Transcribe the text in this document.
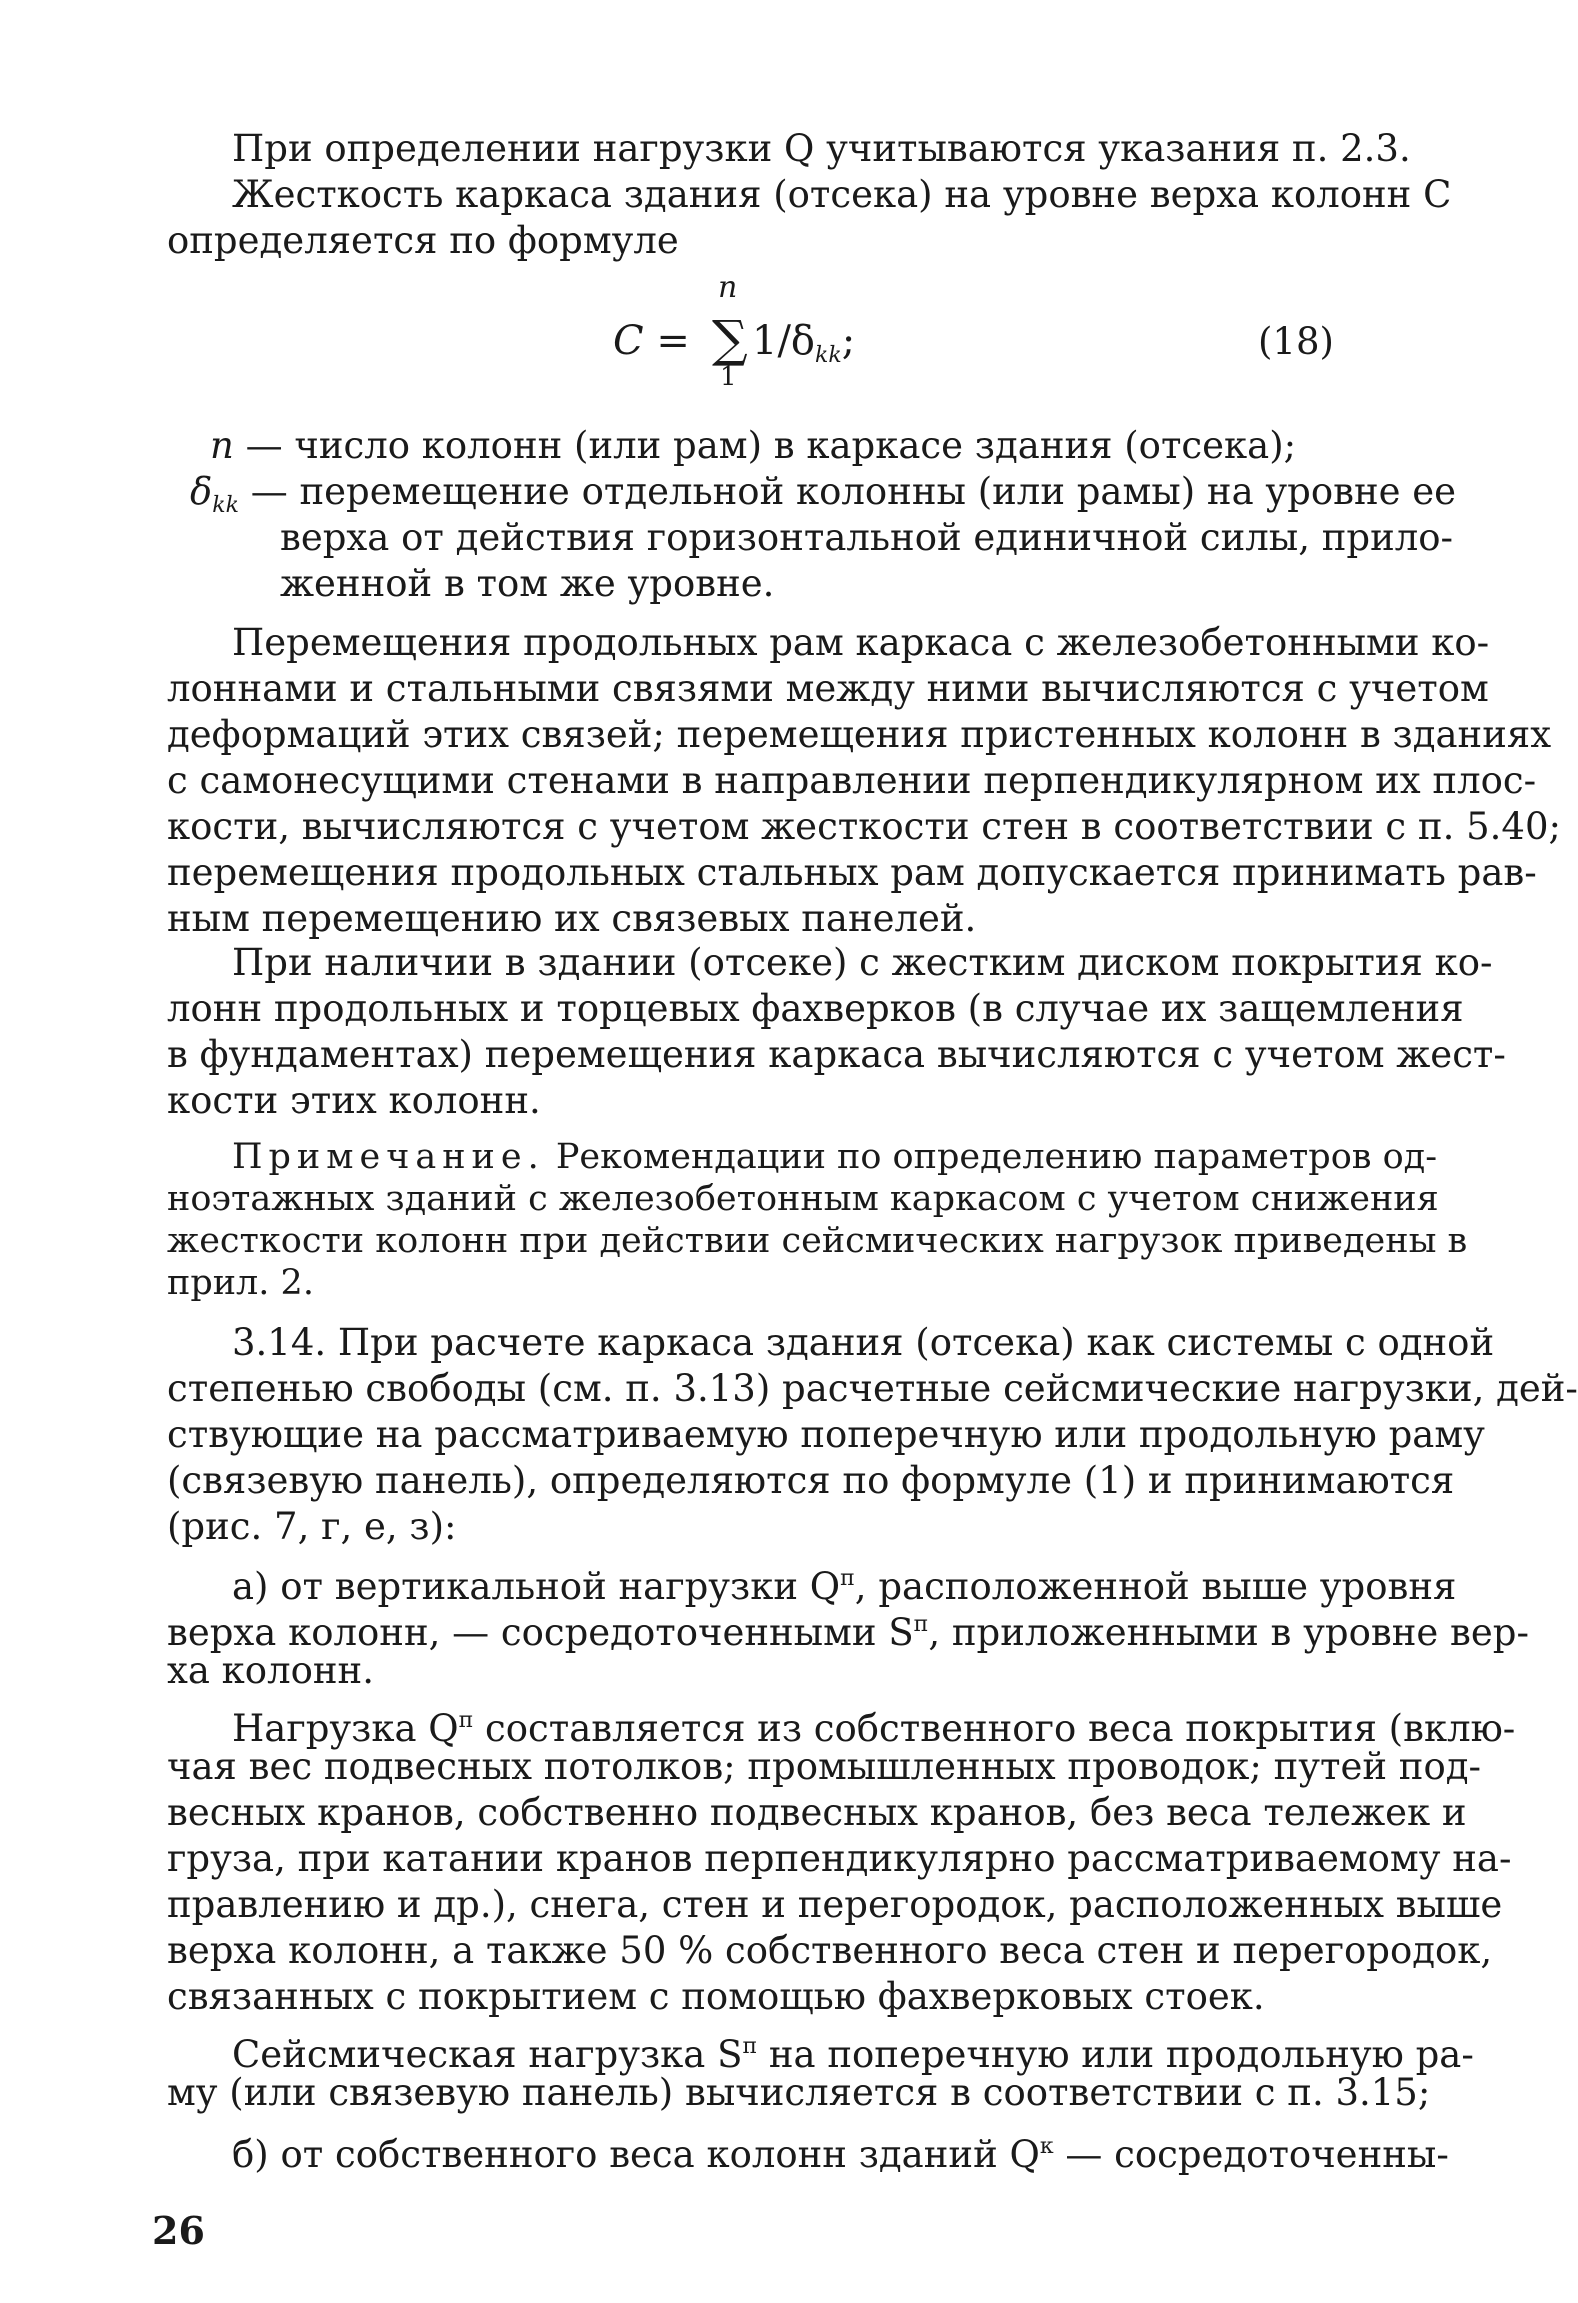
При определении нагрузки Q учитываются указания п. 2.3.
Жесткость каркаса здания (отсека) на уровне верха колонн C
определяется по формуле
C = ∑
n
1
$1/\delta_{kk}$;	(18)
n — число колонн (или рам) в каркасе здания (отсека);
$\delta_{kk}$ — перемещение отдельной колонны (или рамы) на уровне ее
верха от действия горизонтальной единичной силы, прило-
женной в том же уровне.
Перемещения продольных рам каркаса с железобетонными ко-
лоннами и стальными связями между ними вычисляются с учетом
деформаций этих связей; перемещения пристенных колонн в зданиях
с самонесущими стенами в направлении перпендикулярном их плос-
кости, вычисляются с учетом жесткости стен в соответствии с п. 5.40;
перемещения продольных стальных рам допускается принимать рав-
ным перемещению их связевых панелей.
При наличии в здании (отсеке) с жестким диском покрытия ко-
лонн продольных и торцевых фахверков (в случае их защемления
в фундаментах) перемещения каркаса вычисляются с учетом жест-
кости этих колонн.
Примечание. Рекомендации по определению параметров од-
ноэтажных зданий с железобетонным каркасом с учетом снижения
жесткости колонн при действии сейсмических нагрузок приведены в
прил. 2.
3.14. При расчете каркаса здания (отсека) как системы с одной
степенью свободы (см. п. 3.13) расчетные сейсмические нагрузки, дей-
ствующие на рассматриваемую поперечную или продольную раму
(связевую панель), определяются по формуле (1) и принимаются
(рис. 7, г, е, з):
а) от вертикальной нагрузки $Q^п$, расположенной выше уровня
верха колонн, — сосредоточенными $S^п$, приложенными в уровне вер-
ха колонн.
Нагрузка $Q^п$ составляется из собственного веса покрытия (вклю-
чая вес подвесных потолков; промышленных проводок; путей под-
весных кранов, собственно подвесных кранов, без веса тележек и
груза, при катании кранов перпендикулярно рассматриваемому на-
правлению и др.), снега, стен и перегородок, расположенных выше
верха колонн, а также 50 % собственного веса стен и перегородок,
связанных с покрытием с помощью фахверковых стоек.
Сейсмическая нагрузка $S^п$ на поперечную или продольную ра-
му (или связевую панель) вычисляется в соответствии с п. 3.15;
б) от собственного веса колонн зданий $Q^к$ — сосредоточенны-
26
